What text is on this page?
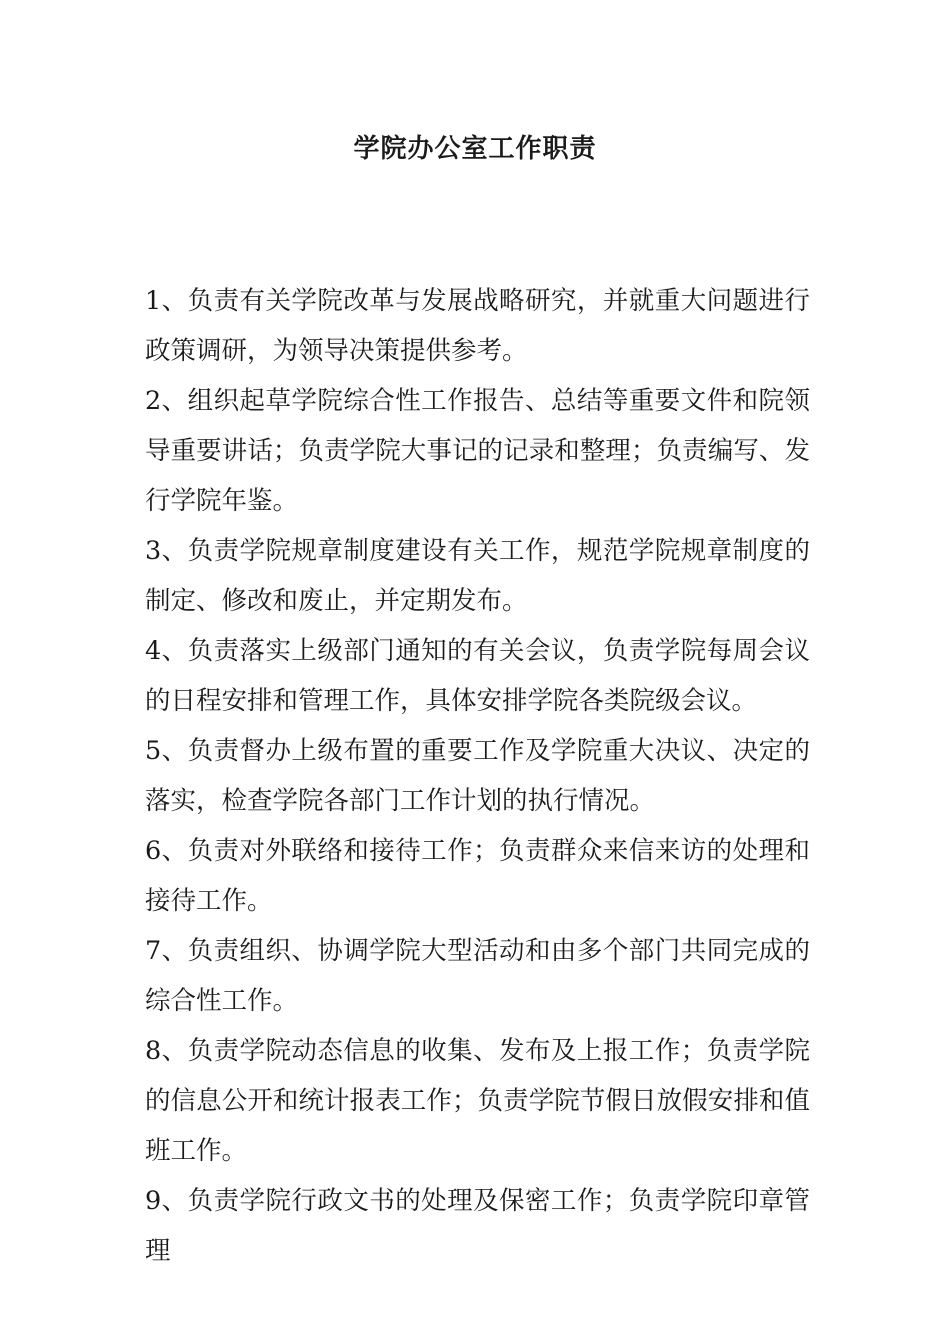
学院办公室工作职责

1、负责有关学院改革与发展战略研究，并就重大问题进行政策调研，为领导决策提供参考。

2、组织起草学院综合性工作报告、总结等重要文件和院领导重要讲话；负责学院大事记的记录和整理；负责编写、发行学院年鉴。

3、负责学院规章制度建设有关工作，规范学院规章制度的制定、修改和废止，并定期发布。

4、负责落实上级部门通知的有关会议，负责学院每周会议的日程安排和管理工作，具体安排学院各类院级会议。

5、负责督办上级布置的重要工作及学院重大决议、决定的落实，检查学院各部门工作计划的执行情况。

6、负责对外联络和接待工作；负责群众来信来访的处理和接待工作。

7、负责组织、协调学院大型活动和由多个部门共同完成的综合性工作。

8、负责学院动态信息的收集、发布及上报工作；负责学院的信息公开和统计报表工作；负责学院节假日放假安排和值班工作。

9、负责学院行政文书的处理及保密工作；负责学院印章管理
